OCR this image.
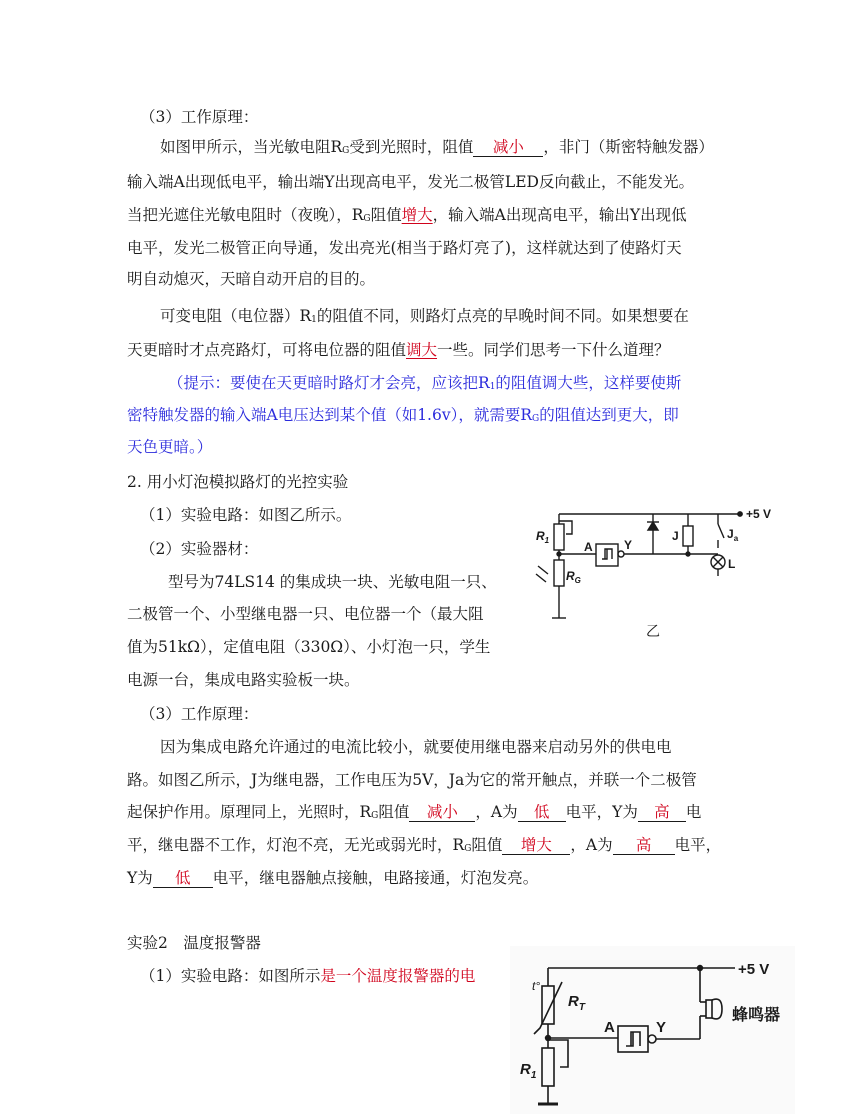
（3）工作原理：
如图甲所示，当光敏电阻$R_G$受到光照时，阻值 减小 ，非门（斯密特触发器）
输入端A出现低电平，输出端Y出现高电平，发光二极管LED反向截止，不能发光。
当把光遮住光敏电阻时（夜晚），$R_G$阻值增大，输入端A出现高电平，输出Y出现低
电平，发光二极管正向导通，发出亮光(相当于路灯亮了)，这样就达到了使路灯天
明自动熄灭，天暗自动开启的目的。
可变电阻（电位器）$R_1$的阻值不同，则路灯点亮的早晚时间不同。如果想要在
天更暗时才点亮路灯，可将电位器的阻值调大一些。同学们思考一下什么道理？
（提示：要使在天更暗时路灯才会亮，应该把$R_1$的阻值调大些，这样要使斯
密特触发器的输入端A电压达到某个值（如1.6v），就需要$R_G$的阻值达到更大，即
天色更暗。）
2. 用小灯泡模拟路灯的光控实验
（1）实验电路：如图乙所示。
（2）实验器材：
型号为74LS14 的集成块一块、光敏电阻一只、
二极管一个、小型继电器一只、电位器一个（最大阻
值为51kΩ），定值电阻（330Ω）、小灯泡一只，学生
电源一台，集成电路实验板一块。
（3）工作原理：
因为集成电路允许通过的电流比较小，就要使用继电器来启动另外的供电电
路。如图乙所示，J为继电器，工作电压为5V，Ja为它的常开触点，并联一个二极管
起保护作用。原理同上，光照时，$R_G$阻值 减小 ，A为 低 电平，Y为 高 电
平，继电器不工作，灯泡不亮，无光或弱光时，$R_G$阻值 增大 ，A为 高 电平，
Y为 低 电平，继电器触点接触，电路接通，灯泡发亮。
实验2　温度报警器
（1）实验电路：如图所示是一个温度报警器的电
+5 V
$R_1$
$R_G$
A	Y
J	$J_a$
L
乙
+5 V
t°
$R_T$
A	Y
$R_1$
蜂鸣器
